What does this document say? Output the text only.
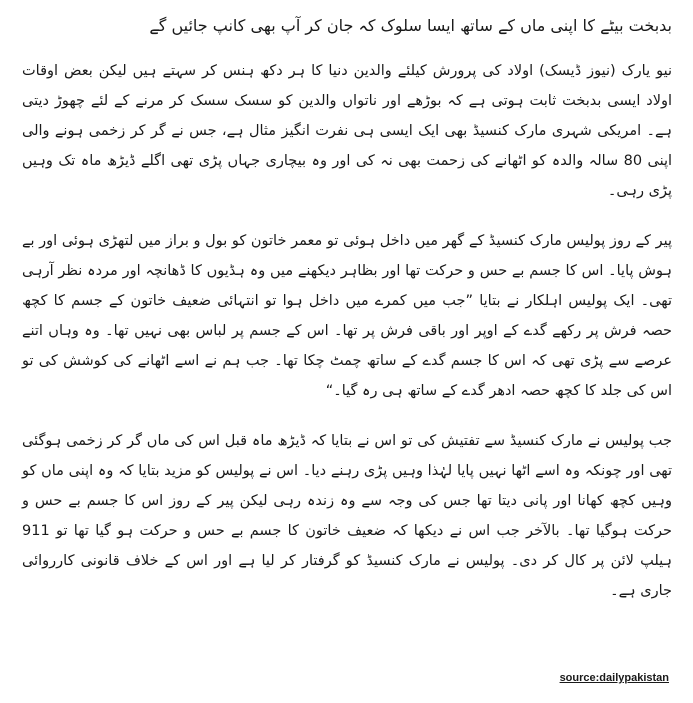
بدبخت بیٹے کا اپنی ماں کے ساتھ ایسا سلوک کہ جان کر آپ بھی کانپ جائیں گے

نیو یارک (نیوز ڈیسک) اولاد کی پرورش کیلئے والدین دنیا کا ہر دکھ ہنس کر سہتے ہیں لیکن بعض اوقات اولاد ایسی بدبخت ثابت ہوتی ہے کہ بوڑھے اور ناتواں والدین کو سسک سسک کر مرنے کے لئے چھوڑ دیتی ہے۔ امریکی شہری مارک کنسیڈ بھی ایک ایسی ہی نفرت انگیز مثال ہے، جس نے گر کر زخمی ہونے والی اپنی 80 سالہ والدہ کو اٹھانے کی زحمت بھی نہ کی اور وہ بیچاری جہاں پڑی تھی اگلے ڈیڑھ ماہ تک وہیں پڑی رہی۔

پیر کے روز پولیس مارک کنسیڈ کے گھر میں داخل ہوئی تو معمر خاتون کو بول و براز میں لتھڑی ہوئی اور بے ہوش پایا۔ اس کا جسم بے حس و حرکت تھا اور بظاہر دیکھنے میں وہ ہڈیوں کا ڈھانچہ اور مردہ نظر آرہی تھی۔ ایک پولیس اہلکار نے بتایا ”جب میں کمرے میں داخل ہوا تو انتہائی ضعیف خاتون کے جسم کا کچھ حصہ فرش پر رکھے گدے کے اوپر اور باقی فرش پر تھا۔ اس کے جسم پر لباس بھی نہیں تھا۔ وہ وہاں اتنے عرصے سے پڑی تھی کہ اس کا جسم گدے کے ساتھ چمٹ چکا تھا۔ جب ہم نے اسے اٹھانے کی کوشش کی تو اس کی جلد کا کچھ حصہ ادھر گدے کے ساتھ ہی رہ گیا۔“

جب پولیس نے مارک کنسیڈ سے تفتیش کی تو اس نے بتایا کہ ڈیڑھ ماہ قبل اس کی ماں گر کر زخمی ہوگئی تھی اور چونکہ وہ اسے اٹھا نہیں پایا لہٰذا وہیں پڑی رہنے دیا۔ اس نے پولیس کو مزید بتایا کہ وہ اپنی ماں کو وہیں کچھ کھانا اور پانی دیتا تھا جس کی وجہ سے وہ زندہ رہی لیکن پیر کے روز اس کا جسم بے حس و حرکت ہوگیا تھا۔ بالآخر جب اس نے دیکھا کہ ضعیف خاتون کا جسم بے حس و حرکت ہو گیا تھا تو 911 ہیلپ لائن پر کال کر دی۔ پولیس نے مارک کنسیڈ کو گرفتار کر لیا ہے اور اس کے خلاف قانونی کارروائی جاری ہے۔

source:dailypakistan
